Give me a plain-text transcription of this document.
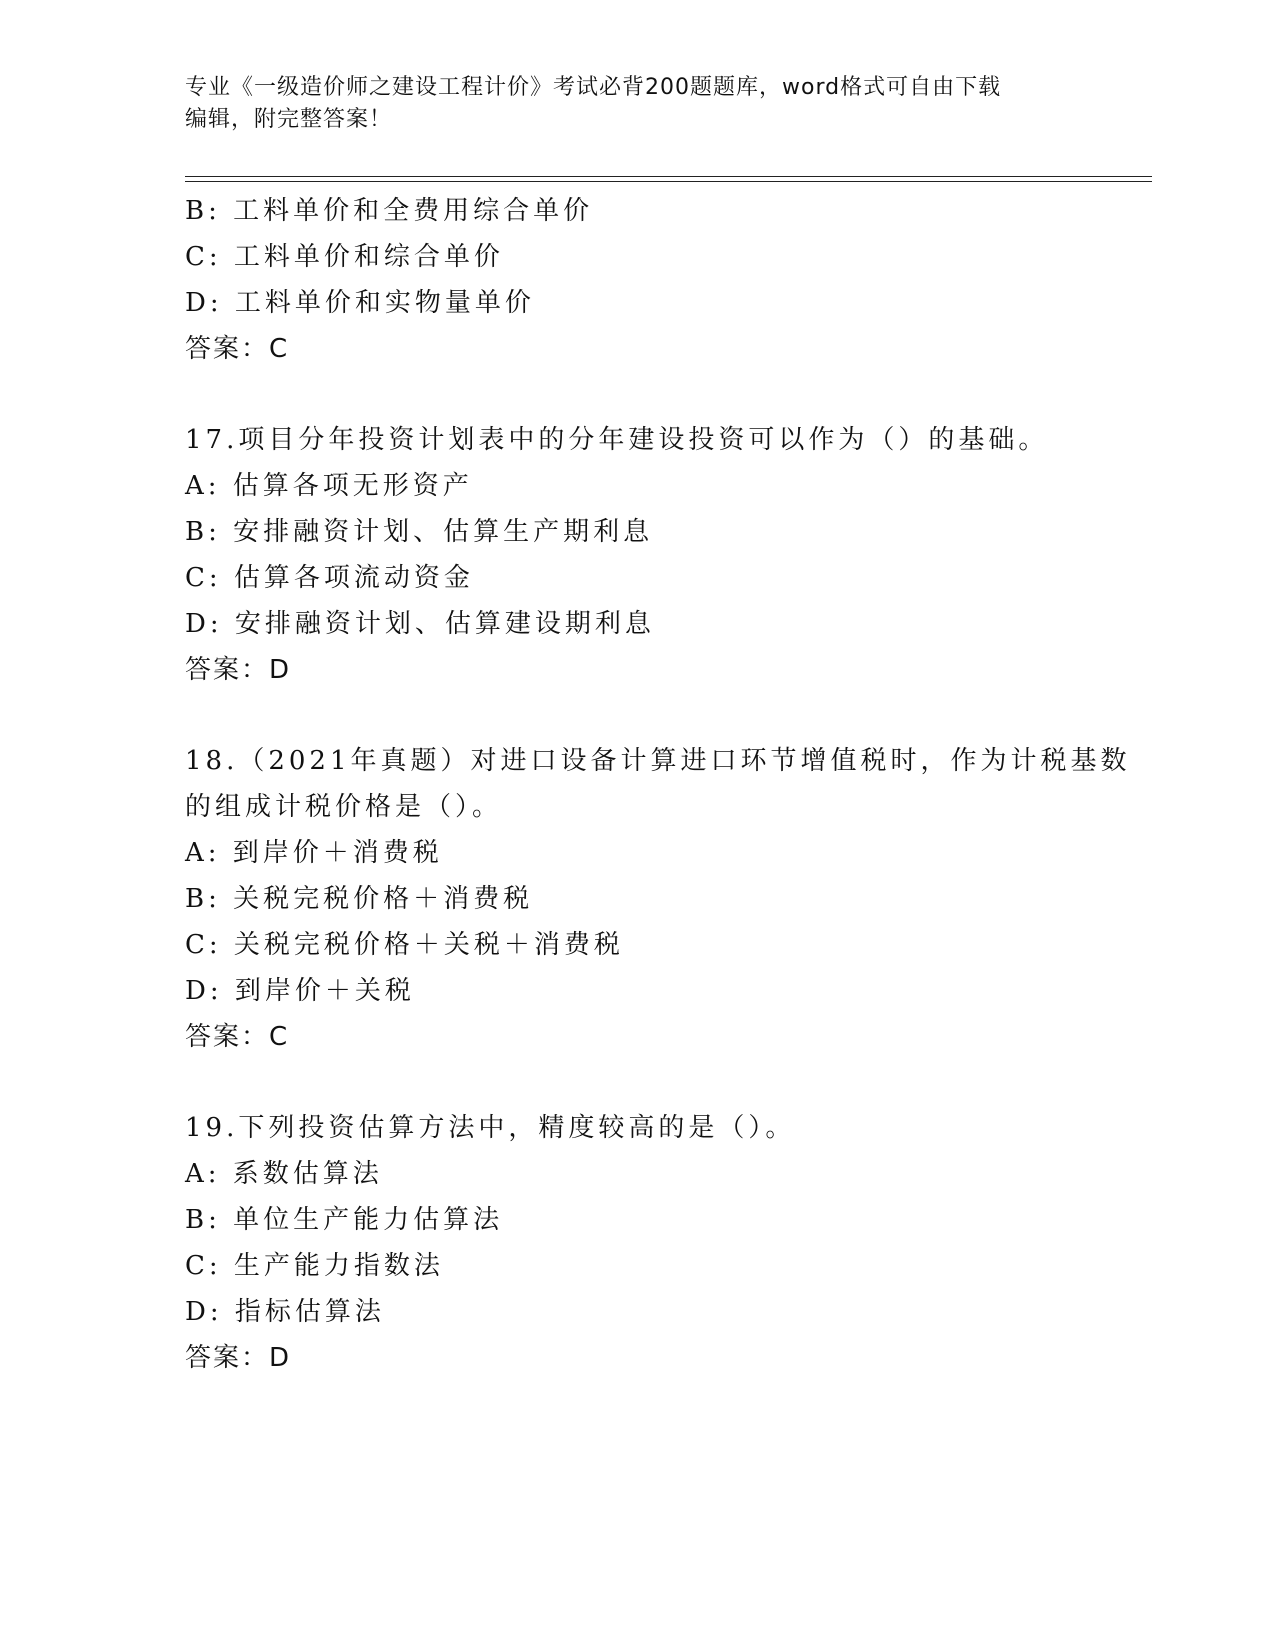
专业《一级造价师之建设工程计价》考试必背200题题库，word格式可自由下载
编辑，附完整答案！
B: 工料单价和全费用综合单价
C: 工料单价和综合单价
D: 工料单价和实物量单价
答案：C
17.项目分年投资计划表中的分年建设投资可以作为（）的基础。
A: 估算各项无形资产
B: 安排融资计划、估算生产期利息
C: 估算各项流动资金
D: 安排融资计划、估算建设期利息
答案：D
18.（2021年真题）对进口设备计算进口环节增值税时，作为计税基数
的组成计税价格是（）。
A: 到岸价＋消费税
B: 关税完税价格＋消费税
C: 关税完税价格＋关税＋消费税
D: 到岸价＋关税
答案：C
19.下列投资估算方法中，精度较高的是（）。
A: 系数估算法
B: 单位生产能力估算法
C: 生产能力指数法
D: 指标估算法
答案：D
